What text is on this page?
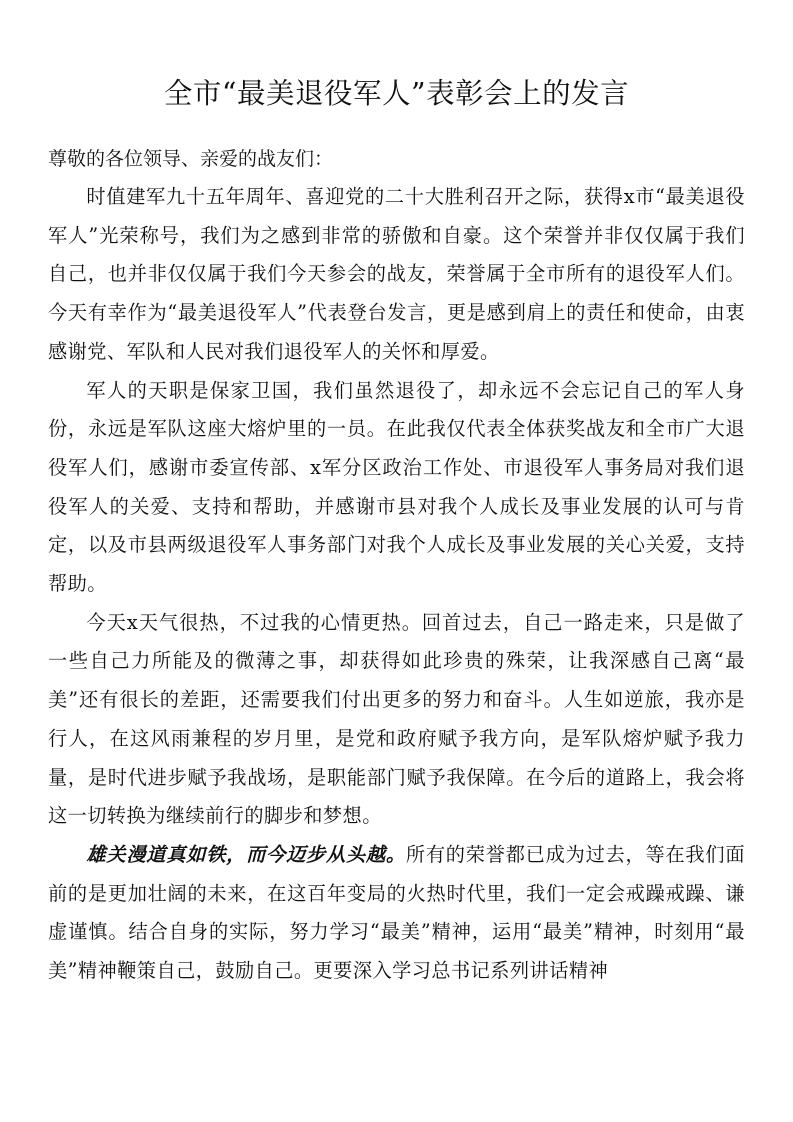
全市“最美退役军人”表彰会上的发言

尊敬的各位领导、亲爱的战友们：

时值建军九十五年周年、喜迎党的二十大胜利召开之际，获得x市“最美退役军人”光荣称号，我们为之感到非常的骄傲和自豪。这个荣誉并非仅仅属于我们自己，也并非仅仅属于我们今天参会的战友，荣誉属于全市所有的退役军人们。今天有幸作为“最美退役军人”代表登台发言，更是感到肩上的责任和使命，由衷感谢党、军队和人民对我们退役军人的关怀和厚爱。

军人的天职是保家卫国，我们虽然退役了，却永远不会忘记自己的军人身份，永远是军队这座大熔炉里的一员。在此我仅代表全体获奖战友和全市广大退役军人们，感谢市委宣传部、x军分区政治工作处、市退役军人事务局对我们退役军人的关爱、支持和帮助，并感谢市县对我个人成长及事业发展的认可与肯定，以及市县两级退役军人事务部门对我个人成长及事业发展的关心关爱，支持帮助。

今天x天气很热，不过我的心情更热。回首过去，自己一路走来，只是做了一些自己力所能及的微薄之事，却获得如此珍贵的殊荣，让我深感自己离“最美”还有很长的差距，还需要我们付出更多的努力和奋斗。人生如逆旅，我亦是行人，在这风雨兼程的岁月里，是党和政府赋予我方向，是军队熔炉赋予我力量，是时代进步赋予我战场，是职能部门赋予我保障。在今后的道路上，我会将这一切转换为继续前行的脚步和梦想。

雄关漫道真如铁，而今迈步从头越。所有的荣誉都已成为过去，等在我们面前的是更加壮阔的未来，在这百年变局的火热时代里，我们一定会戒躁戒躁、谦虚谨慎。结合自身的实际，努力学习“最美”精神，运用“最美”精神，时刻用“最美”精神鞭策自己，鼓励自己。更要深入学习总书记系列讲话精神
